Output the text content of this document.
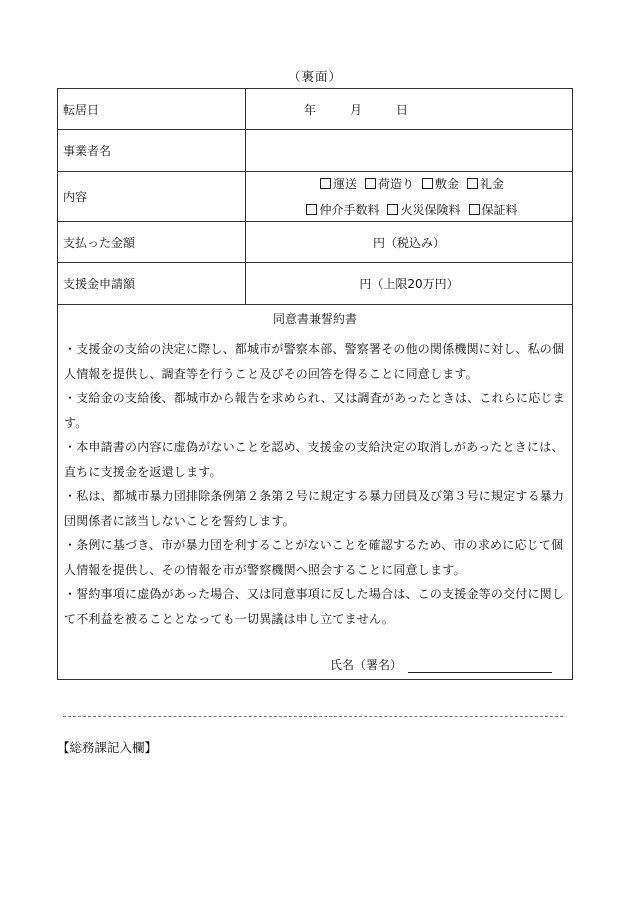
（裏面）
転居日	年	月	日
事業者名
内容
運送 荷造り 敷金 礼金
仲介手数料 火災保険料 保証料
支払った金額	円（税込み）
支援金申請額	円（上限20万円）
同意書兼誓約書
・支援金の支給の決定に際し、都城市が警察本部、警察署その他の関係機関に対し、私の個人情報を提供し、調査等を行うこと及びその回答を得ることに同意します。
・支給金の支給後、都城市から報告を求められ、又は調査があったときは、これらに応じます。
・本申請書の内容に虚偽がないことを認め、支援金の支給決定の取消しがあったときには、直ちに支援金を返還します。
・私は、都城市暴力団排除条例第２条第２号に規定する暴力団員及び第３号に規定する暴力団関係者に該当しないことを誓約します。
・条例に基づき、市が暴力団を利することがないことを確認するため、市の求めに応じて個人情報を提供し、その情報を市が警察機関へ照会することに同意します。
・誓約事項に虚偽があった場合、又は同意事項に反した場合は、この支援金等の交付に関して不利益を被ることとなっても一切異議は申し立てません。
氏名（署名）
【総務課記入欄】
